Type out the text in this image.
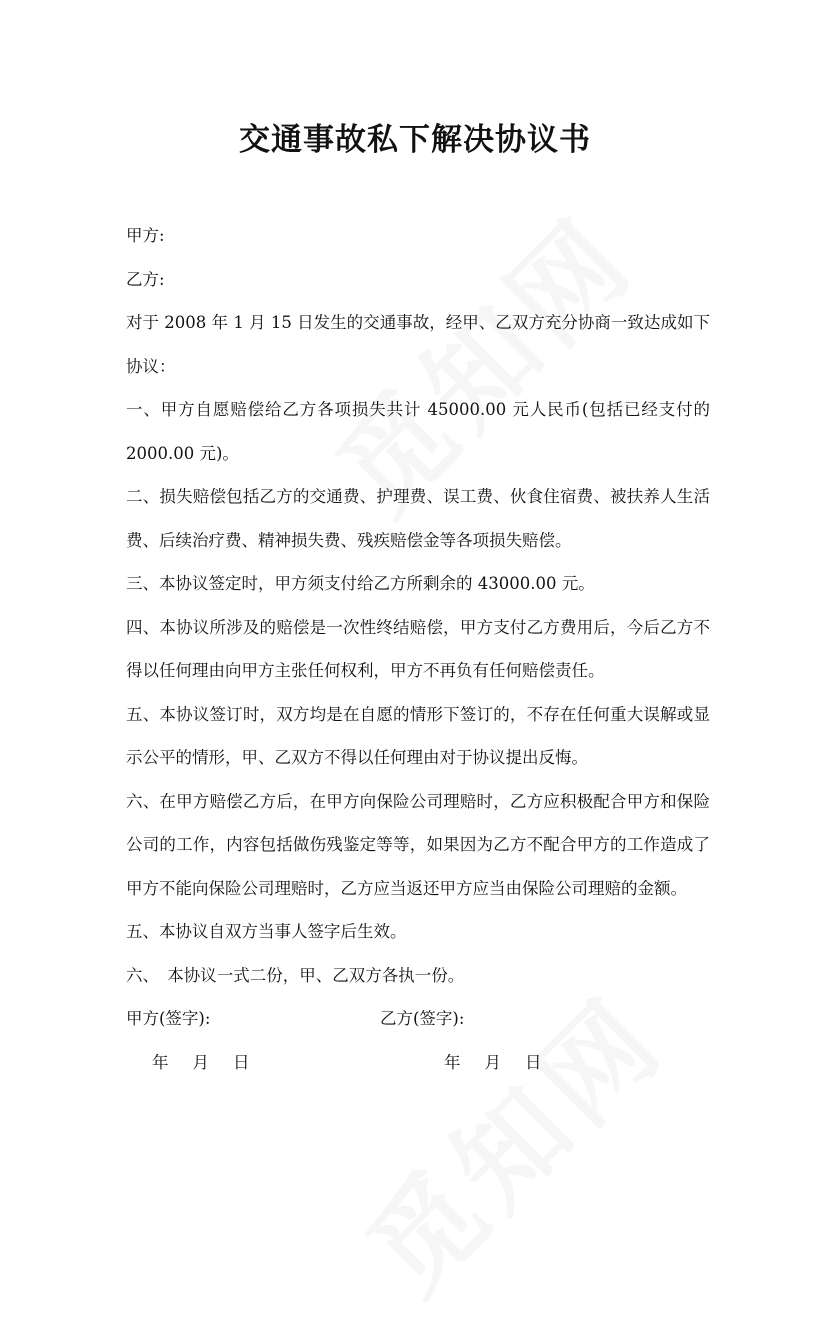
交通事故私下解决协议书

甲方:

乙方:

对于 2008 年 1 月 15 日发生的交通事故，经甲、乙双方充分协商一致达成如下协议：

一、甲方自愿赔偿给乙方各项损失共计 45000.00 元人民币(包括已经支付的2000.00 元)。

二、损失赔偿包括乙方的交通费、护理费、误工费、伙食住宿费、被扶养人生活费、后续治疗费、精神损失费、残疾赔偿金等各项损失赔偿。

三、本协议签定时，甲方须支付给乙方所剩余的 43000.00 元。

四、本协议所涉及的赔偿是一次性终结赔偿，甲方支付乙方费用后，今后乙方不得以任何理由向甲方主张任何权利，甲方不再负有任何赔偿责任。

五、本协议签订时，双方均是在自愿的情形下签订的，不存在任何重大误解或显示公平的情形，甲、乙双方不得以任何理由对于协议提出反悔。

六、在甲方赔偿乙方后，在甲方向保险公司理赔时，乙方应积极配合甲方和保险公司的工作，内容包括做伤残鉴定等等，如果因为乙方不配合甲方的工作造成了甲方不能向保险公司理赔时，乙方应当返还甲方应当由保险公司理赔的金额。

五、本协议自双方当事人签字后生效。

六、　本协议一式二份，甲、乙双方各执一份。

甲方(签字):	乙方(签字):
年 月 日	年 月 日
